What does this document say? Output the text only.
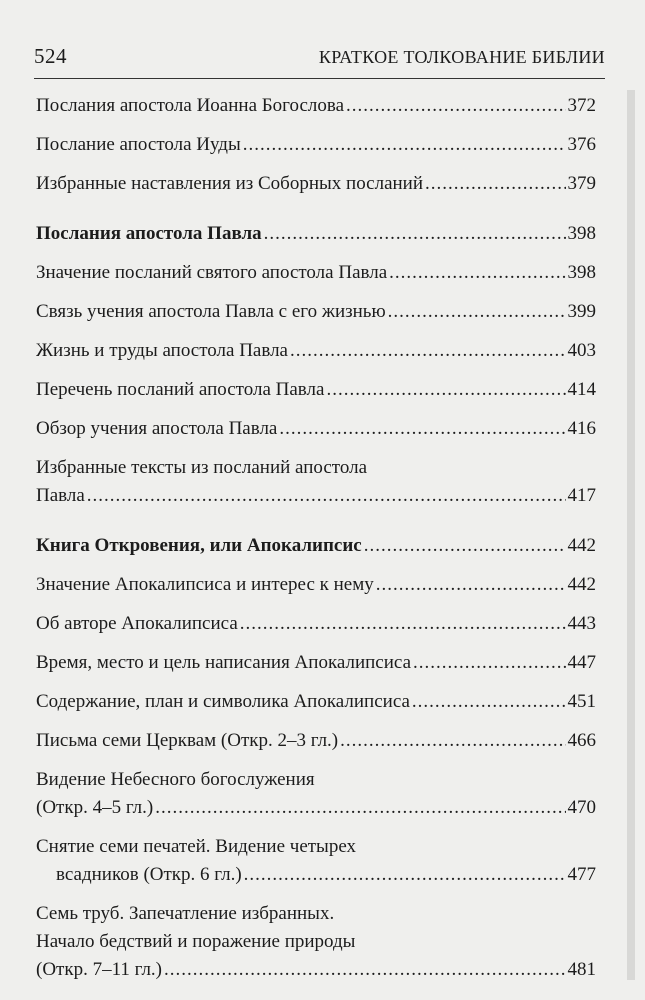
524	КРАТКОЕ ТОЛКОВАНИЕ БИБЛИИ
Послания апостола Иоанна Богослова .....	372
Послание апостола Иуды .....	376
Избранные наставления из Соборных посланий .....	379
Послания апостола Павла .....	398
Значение посланий святого апостола Павла .....	398
Связь учения апостола Павла с его жизнью .....	399
Жизнь и труды апостола Павла .....	403
Перечень посланий апостола Павла .....	414
Обзор учения апостола Павла .....	416
Избранные тексты из посланий апостола
Павла .....	417
Книга Откровения, или Апокалипсис .....	442
Значение Апокалипсиса и интерес к нему .....	442
Об авторе Апокалипсиса .....	443
Время, место и цель написания Апокалипсиса .....	447
Содержание, план и символика Апокалипсиса .....	451
Письма семи Церквам (Откр. 2–3 гл.) .....	466
Видение Небесного богослужения
(Откр. 4–5 гл.) .....	470
Снятие семи печатей. Видение четырех
всадников (Откр. 6 гл.) .....	477
Семь труб. Запечатление избранных.
Начало бедствий и поражение природы
(Откр. 7–11 гл.) .....	481
